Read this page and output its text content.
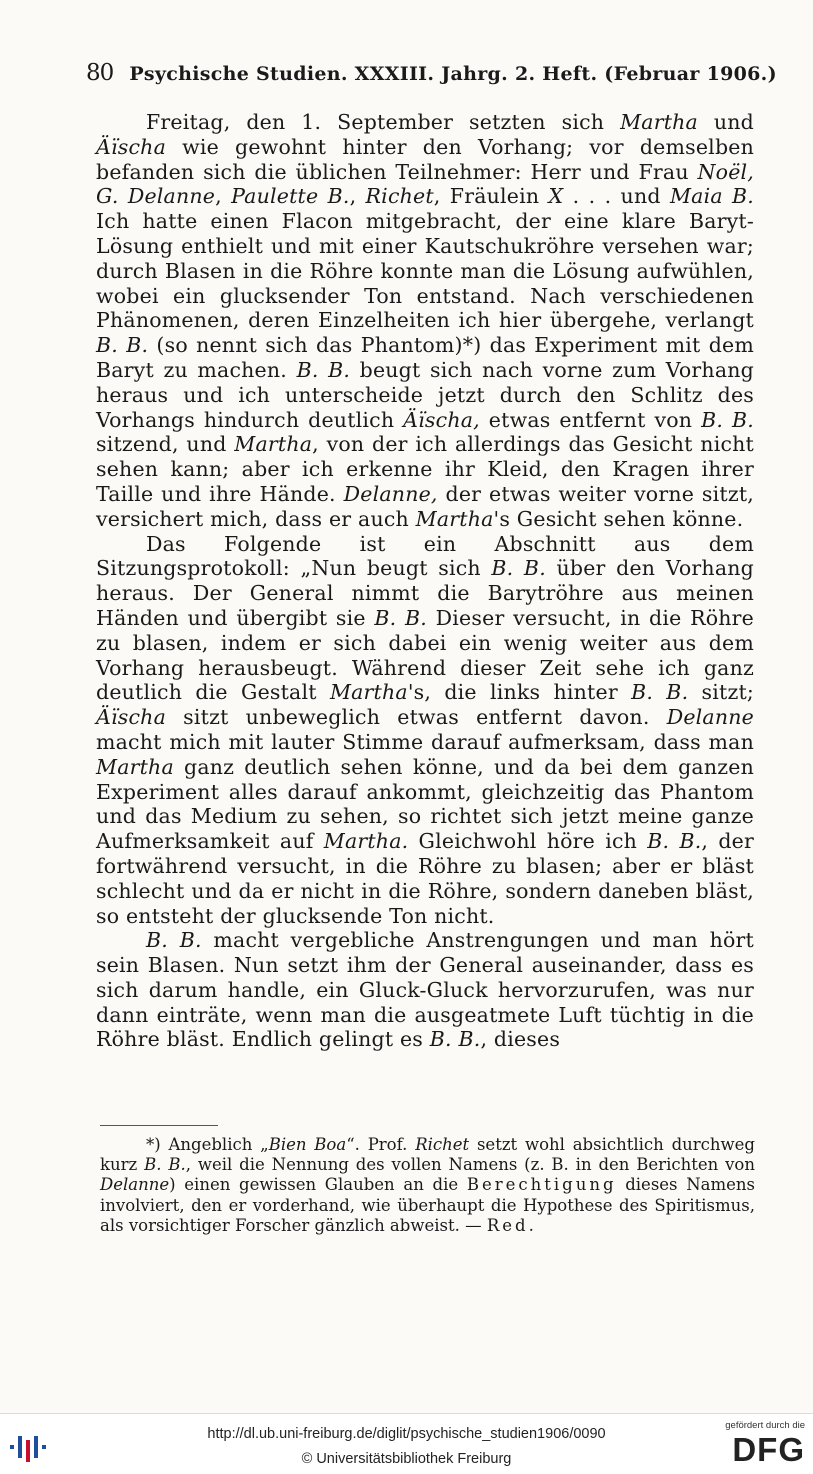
80 Psychische Studien. XXXIII. Jahrg. 2. Heft. (Februar 1906.)

Freitag, den 1. September setzten sich Martha und Äïscha wie gewohnt hinter den Vorhang; vor demselben befanden sich die üblichen Teilnehmer: Herr und Frau Noël, G. Delanne, Paulette B., Richet, Fräulein X . . . und Maia B. Ich hatte einen Flacon mitgebracht, der eine klare Baryt-Lösung enthielt und mit einer Kautschukröhre versehen war; durch Blasen in die Röhre konnte man die Lösung aufwühlen, wobei ein glucksender Ton entstand. Nach verschiedenen Phänomenen, deren Einzelheiten ich hier übergehe, verlangt B. B. (so nennt sich das Phantom)*) das Experiment mit dem Baryt zu machen. B. B. beugt sich nach vorne zum Vorhang heraus und ich unterscheide jetzt durch den Schlitz des Vorhangs hindurch deutlich Äïscha, etwas entfernt von B. B. sitzend, und Martha, von der ich allerdings das Gesicht nicht sehen kann; aber ich erkenne ihr Kleid, den Kragen ihrer Taille und ihre Hände. Delanne, der etwas weiter vorne sitzt, versichert mich, dass er auch Martha's Gesicht sehen könne.

Das Folgende ist ein Abschnitt aus dem Sitzungsprotokoll: „Nun beugt sich B. B. über den Vorhang heraus. Der General nimmt die Barytröhre aus meinen Händen und übergibt sie B. B. Dieser versucht, in die Röhre zu blasen, indem er sich dabei ein wenig weiter aus dem Vorhang herausbeugt. Während dieser Zeit sehe ich ganz deutlich die Gestalt Martha's, die links hinter B. B. sitzt; Äïscha sitzt unbeweglich etwas entfernt davon. Delanne macht mich mit lauter Stimme darauf aufmerksam, dass man Martha ganz deutlich sehen könne, und da bei dem ganzen Experiment alles darauf ankommt, gleichzeitig das Phantom und das Medium zu sehen, so richtet sich jetzt meine ganze Aufmerksamkeit auf Martha. Gleichwohl höre ich B. B., der fortwährend versucht, in die Röhre zu blasen; aber er bläst schlecht und da er nicht in die Röhre, sondern daneben bläst, so entsteht der glucksende Ton nicht.

B. B. macht vergebliche Anstrengungen und man hört sein Blasen. Nun setzt ihm der General auseinander, dass es sich darum handle, ein Gluck-Gluck hervorzurufen, was nur dann einträte, wenn man die ausgeatmete Luft tüchtig in die Röhre bläst. Endlich gelingt es B. B., dieses

*) Angeblich „Bien Boa“. Prof. Richet setzt wohl absichtlich durchweg kurz B. B., weil die Nennung des vollen Namens (z. B. in den Berichten von Delanne) einen gewissen Glauben an die Berechtigung dieses Namens involviert, den er vorderhand, wie überhaupt die Hypothese des Spiritismus, als vorsichtiger Forscher gänzlich abweist. — Red.

http://dl.ub.uni-freiburg.de/diglit/psychische_studien1906/0090
© Universitätsbibliothek Freiburg
gefördert durch die
DFG
